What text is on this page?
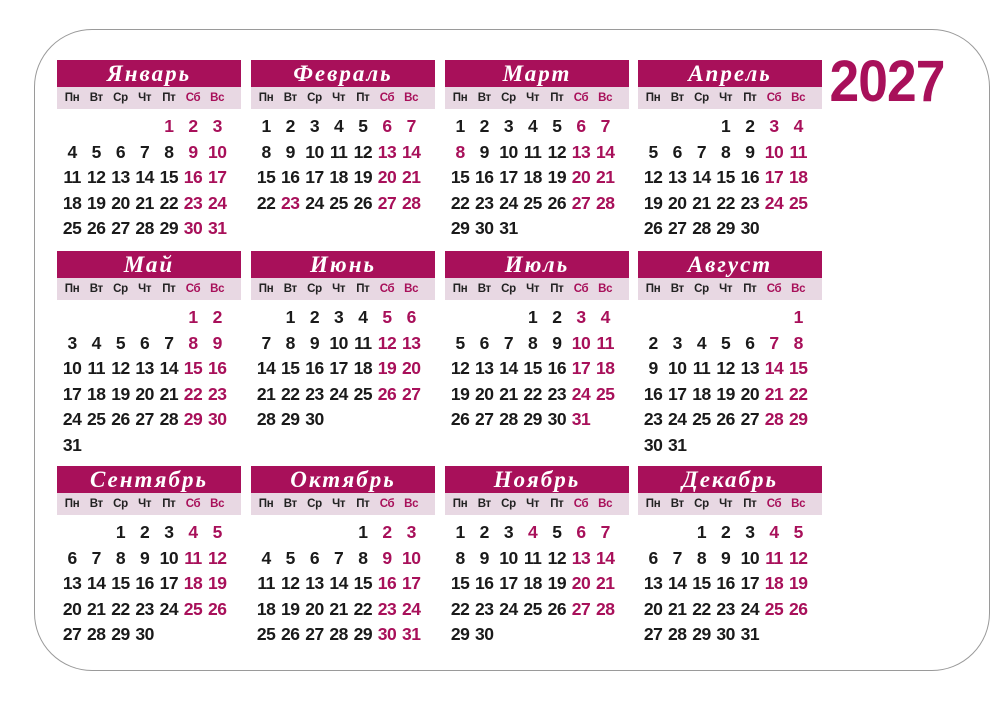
2027
Январь
Пн Вт Ср Чт Пт Сб Вс
1 2 3
4 5 6 7 8 9 10
11 12 13 14 15 16 17
18 19 20 21 22 23 24
25 26 27 28 29 30 31
Февраль
Пн Вт Ср Чт Пт Сб Вс
1 2 3 4 5 6 7
8 9 10 11 12 13 14
15 16 17 18 19 20 21
22 23 24 25 26 27 28
Март
Пн Вт Ср Чт Пт Сб Вс
1 2 3 4 5 6 7
8 9 10 11 12 13 14
15 16 17 18 19 20 21
22 23 24 25 26 27 28
29 30 31
Апрель
Пн Вт Ср Чт Пт Сб Вс
1 2 3 4
5 6 7 8 9 10 11
12 13 14 15 16 17 18
19 20 21 22 23 24 25
26 27 28 29 30
Май
Пн Вт Ср Чт Пт Сб Вс
1 2
3 4 5 6 7 8 9
10 11 12 13 14 15 16
17 18 19 20 21 22 23
24 25 26 27 28 29 30
31
Июнь
Пн Вт Ср Чт Пт Сб Вс
1 2 3 4 5 6
7 8 9 10 11 12 13
14 15 16 17 18 19 20
21 22 23 24 25 26 27
28 29 30
Июль
Пн Вт Ср Чт Пт Сб Вс
1 2 3 4
5 6 7 8 9 10 11
12 13 14 15 16 17 18
19 20 21 22 23 24 25
26 27 28 29 30 31
Август
Пн Вт Ср Чт Пт Сб Вс
1
2 3 4 5 6 7 8
9 10 11 12 13 14 15
16 17 18 19 20 21 22
23 24 25 26 27 28 29
30 31
Сентябрь
Пн Вт Ср Чт Пт Сб Вс
1 2 3 4 5
6 7 8 9 10 11 12
13 14 15 16 17 18 19
20 21 22 23 24 25 26
27 28 29 30
Октябрь
Пн Вт Ср Чт Пт Сб Вс
1 2 3
4 5 6 7 8 9 10
11 12 13 14 15 16 17
18 19 20 21 22 23 24
25 26 27 28 29 30 31
Ноябрь
Пн Вт Ср Чт Пт Сб Вс
1 2 3 4 5 6 7
8 9 10 11 12 13 14
15 16 17 18 19 20 21
22 23 24 25 26 27 28
29 30
Декабрь
Пн Вт Ср Чт Пт Сб Вс
1 2 3 4 5
6 7 8 9 10 11 12
13 14 15 16 17 18 19
20 21 22 23 24 25 26
27 28 29 30 31
